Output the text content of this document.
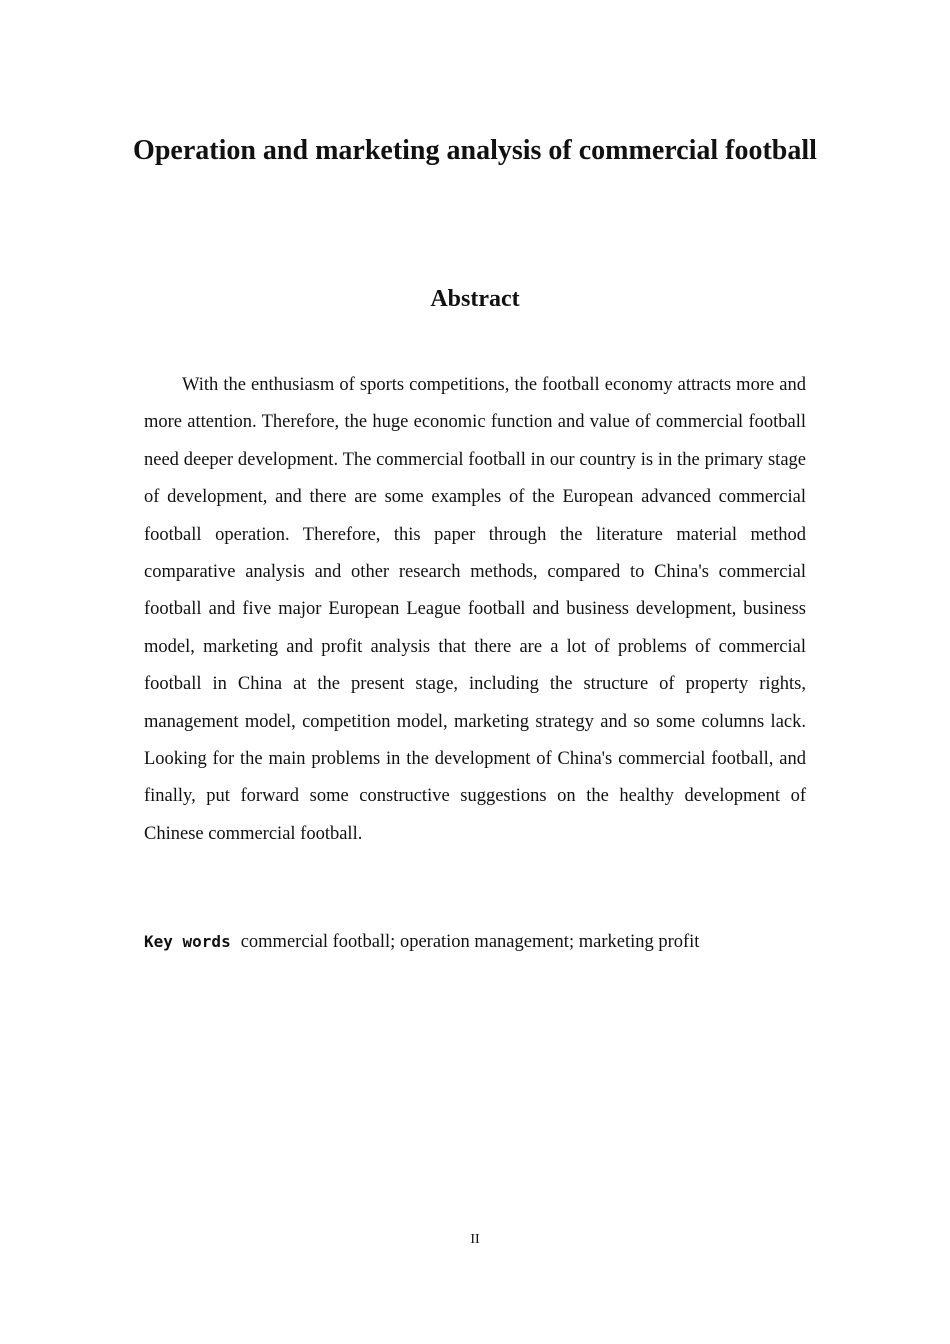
Operation and marketing analysis of commercial football
Abstract

With the enthusiasm of sports competitions, the football economy attracts more and more attention. Therefore, the huge economic function and value of commercial football need deeper development. The commercial football in our country is in the primary stage of development, and there are some examples of the European advanced commercial football operation. Therefore, this paper through the literature material method comparative analysis and other research methods, compared to China's commercial football and five major European League football and business development, business model, marketing and profit analysis that there are a lot of problems of commercial football in China at the present stage, including the structure of property rights, management model, competition model, marketing strategy and so some columns lack. Looking for the main problems in the development of China's commercial football, and finally, put forward some constructive suggestions on the healthy development of Chinese commercial football.

Key words commercial football; operation management; marketing profit

II
